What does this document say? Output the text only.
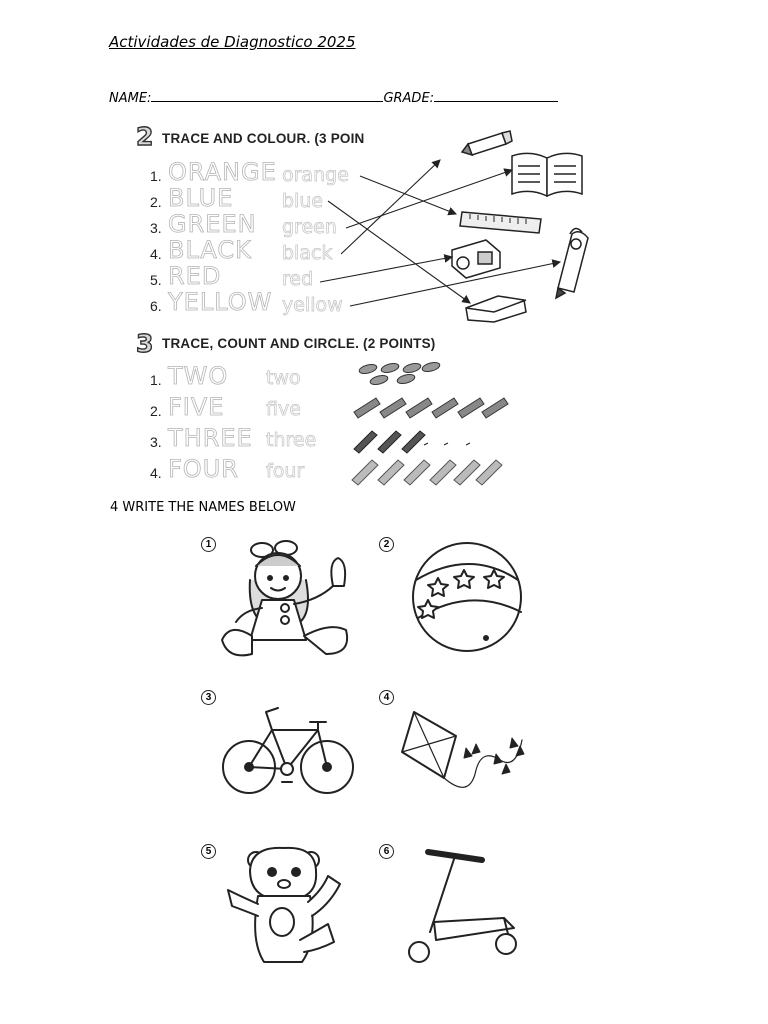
Actividades de Diagnostico 2025
NAME:	GRADE:
2 TRACE AND COLOUR. (3 POIN
1. ORANGE orange
2. BLUE	blue
3. GREEN green
4. BLACK black
5. RED	red
6. YELLOW yellow
3 TRACE, COUNT AND CIRCLE. (2 POINTS)
1. TWO two
2. FIVE five
3. THREE three
4. FOUR four
4 WRITE THE NAMES BELOW
1	2
3	4
5	6
